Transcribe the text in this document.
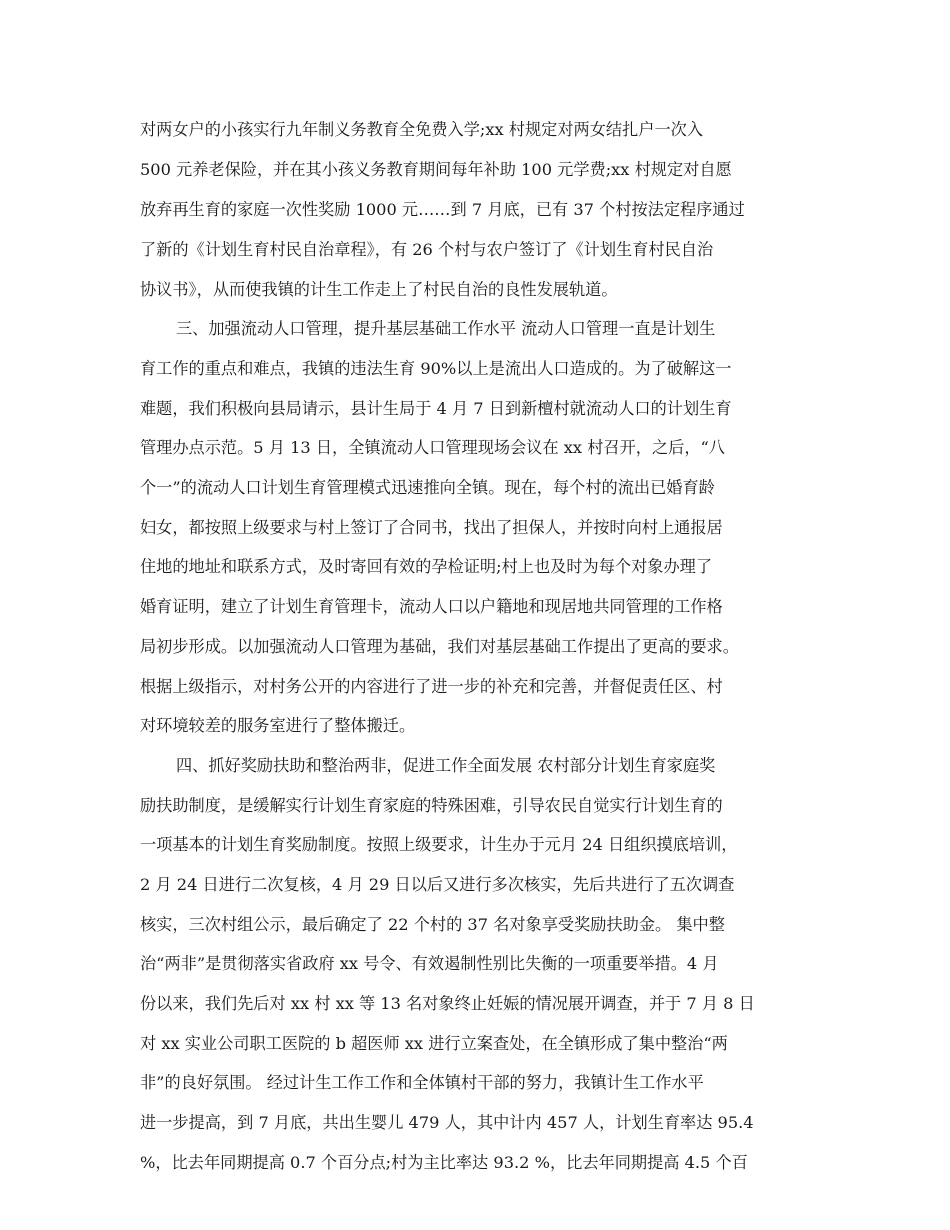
对两女户的小孩实行九年制义务教育全免费入学;xx 村规定对两女结扎户一次入
500 元养老保险，并在其小孩义务教育期间每年补助 100 元学费;xx 村规定对自愿
放弃再生育的家庭一次性奖励 1000 元……到 7 月底，已有 37 个村按法定程序通过
了新的《计划生育村民自治章程》，有 26 个村与农户签订了《计划生育村民自治
协议书》，从而使我镇的计生工作走上了村民自治的良性发展轨道。
三、加强流动人口管理，提升基层基础工作水平 流动人口管理一直是计划生
育工作的重点和难点，我镇的违法生育 90%以上是流出人口造成的。为了破解这一
难题，我们积极向县局请示，县计生局于 4 月 7 日到新檀村就流动人口的计划生育
管理办点示范。5 月 13 日，全镇流动人口管理现场会议在 xx 村召开，之后，“八
个一”的流动人口计划生育管理模式迅速推向全镇。现在，每个村的流出已婚育龄
妇女，都按照上级要求与村上签订了合同书，找出了担保人，并按时向村上通报居
住地的地址和联系方式，及时寄回有效的孕检证明;村上也及时为每个对象办理了
婚育证明，建立了计划生育管理卡，流动人口以户籍地和现居地共同管理的工作格
局初步形成。以加强流动人口管理为基础，我们对基层基础工作提出了更高的要求。
根据上级指示，对村务公开的内容进行了进一步的补充和完善，并督促责任区、村
对环境较差的服务室进行了整体搬迁。
四、抓好奖励扶助和整治两非，促进工作全面发展 农村部分计划生育家庭奖
励扶助制度，是缓解实行计划生育家庭的特殊困难，引导农民自觉实行计划生育的
一项基本的计划生育奖励制度。按照上级要求，计生办于元月 24 日组织摸底培训，
2 月 24 日进行二次复核，4 月 29 日以后又进行多次核实，先后共进行了五次调查
核实，三次村组公示，最后确定了 22 个村的 37 名对象享受奖励扶助金。 集中整
治“两非”是贯彻落实省政府 xx 号令、有效遏制性别比失衡的一项重要举措。4 月
份以来，我们先后对 xx 村 xx 等 13 名对象终止妊娠的情况展开调查，并于 7 月 8 日
对 xx 实业公司职工医院的 b 超医师 xx 进行立案查处，在全镇形成了集中整治“两
非”的良好氛围。 经过计生工作工作和全体镇村干部的努力，我镇计生工作水平
进一步提高，到 7 月底，共出生婴儿 479 人，其中计内 457 人，计划生育率达 95.4
%，比去年同期提高 0.7 个百分点;村为主比率达 93.2 %，比去年同期提高 4.5 个百
